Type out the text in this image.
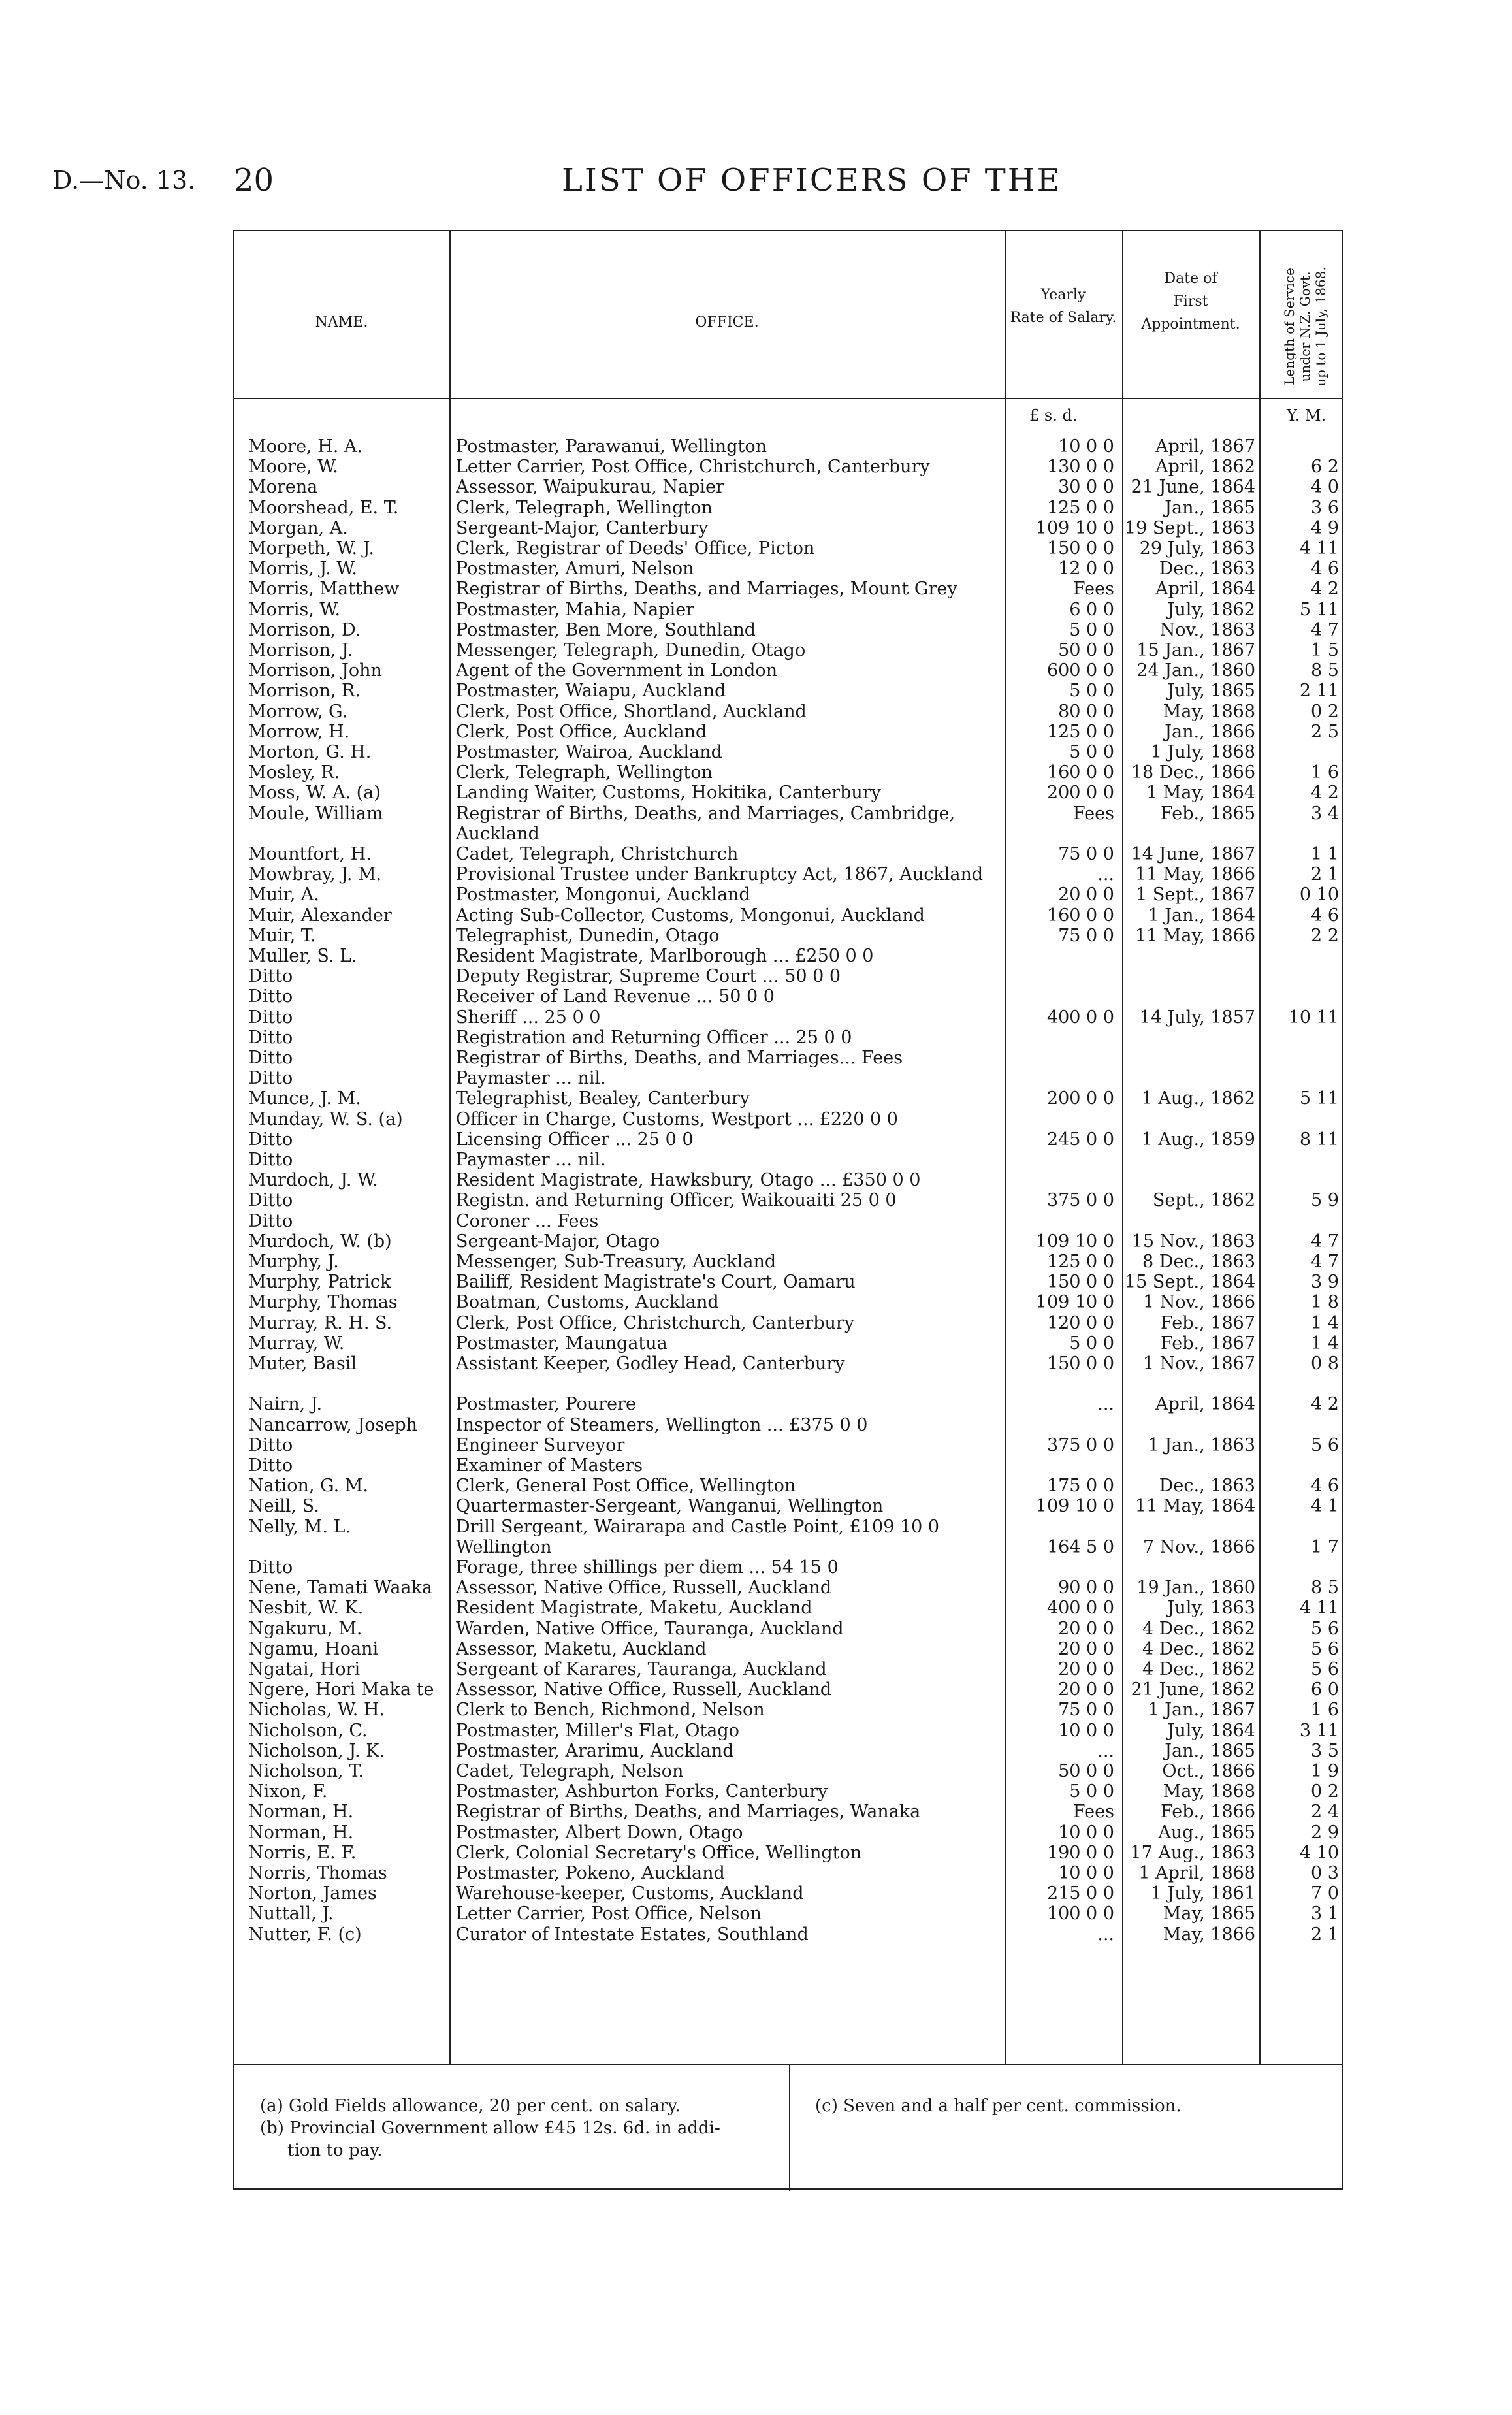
D.—No. 13. 20	LIST OF OFFICERS OF THE
NAME.	OFFICE.
Yearly
Rate of Salary.
Date of
First
Appointment.	Length of Service under N.Z. Govt. up to 1 July, 1868.
£ s. d.	Y. M.
Moore, H. A.	Postmaster, Parawanui, Wellington	10 0 0	April, 1867
Moore, W.	Letter Carrier, Post Office, Christchurch, Canterbury	130 0 0	April, 1862	6 2
Morena	Assessor, Waipukurau, Napier	30 0 0 21 June, 1864	4 0
Moorshead, E. T.	Clerk, Telegraph, Wellington	125 0 0	Jan., 1865	3 6
Morgan, A.	Sergeant-Major, Canterbury	109 10 0 19 Sept., 1863	4 9
Morpeth, W. J.	Clerk, Registrar of Deeds' Office, Picton	150 0 0	29 July, 1863	4 11
Morris, J. W.	Postmaster, Amuri, Nelson	12 0 0	Dec., 1863	4 6
Morris, Matthew	Registrar of Births, Deaths, and Marriages, Mount Grey	Fees	April, 1864	4 2
Morris, W.	Postmaster, Mahia, Napier	6 0 0	July, 1862	5 11
Morrison, D.	Postmaster, Ben More, Southland	5 0 0	Nov., 1863	4 7
Morrison, J.	Messenger, Telegraph, Dunedin, Otago	50 0 0	15 Jan., 1867	1 5
Morrison, John	Agent of the Government in London	600 0 0	24 Jan., 1860	8 5
Morrison, R.	Postmaster, Waiapu, Auckland	5 0 0	July, 1865	2 11
Morrow, G.	Clerk, Post Office, Shortland, Auckland	80 0 0	May, 1868	0 2
Morrow, H.	Clerk, Post Office, Auckland	125 0 0	Jan., 1866	2 5
Morton, G. H.	Postmaster, Wairoa, Auckland	5 0 0	1 July, 1868
Mosley, R.	Clerk, Telegraph, Wellington	160 0 0 18 Dec., 1866	1 6
Moss, W. A. (a)	Landing Waiter, Customs, Hokitika, Canterbury	200 0 0	1 May, 1864	4 2
Moule, William	Registrar of Births, Deaths, and Marriages, Cambridge,	Fees	Feb., 1865	3 4
Auckland
Mountfort, H.	Cadet, Telegraph, Christchurch	75 0 0 14 June, 1867	1 1
Mowbray, J. M.	Provisional Trustee under Bankruptcy Act, 1867, Auckland	...	11 May, 1866	2 1
Muir, A.	Postmaster, Mongonui, Auckland	20 0 0	1 Sept., 1867	0 10
Muir, Alexander	Acting Sub-Collector, Customs, Mongonui, Auckland	160 0 0	1 Jan., 1864	4 6
Muir, T.	Telegraphist, Dunedin, Otago	75 0 0	11 May, 1866	2 2
Muller, S. L.	Resident Magistrate, Marlborough ... £250 0 0
Ditto	Deputy Registrar, Supreme Court ... 50 0 0
Ditto	Receiver of Land Revenue ... 50 0 0
Ditto	Sheriff ... 25 0 0	400 0 0	14 July, 1857	10 11
Ditto	Registration and Returning Officer ... 25 0 0
Ditto	Registrar of Births, Deaths, and Marriages... Fees
Ditto	Paymaster ... nil.
Munce, J. M.	Telegraphist, Bealey, Canterbury	200 0 0	1 Aug., 1862	5 11
Munday, W. S. (a)	Officer in Charge, Customs, Westport ... £220 0 0
Ditto	Licensing Officer ... 25 0 0	245 0 0	1 Aug., 1859	8 11
Ditto	Paymaster ... nil.
Murdoch, J. W.	Resident Magistrate, Hawksbury, Otago ... £350 0 0
Ditto	Registn. and Returning Officer, Waikouaiti 25 0 0	375 0 0	Sept., 1862	5 9
Ditto	Coroner ... Fees
Murdoch, W. (b)	Sergeant-Major, Otago	109 10 0 15 Nov., 1863	4 7
Murphy, J.	Messenger, Sub-Treasury, Auckland	125 0 0	8 Dec., 1863	4 7
Murphy, Patrick	Bailiff, Resident Magistrate's Court, Oamaru	150 0 0 15 Sept., 1864	3 9
Murphy, Thomas	Boatman, Customs, Auckland	109 10 0	1 Nov., 1866	1 8
Murray, R. H. S.	Clerk, Post Office, Christchurch, Canterbury	120 0 0	Feb., 1867	1 4
Murray, W.	Postmaster, Maungatua	5 0 0	Feb., 1867	1 4
Muter, Basil	Assistant Keeper, Godley Head, Canterbury	150 0 0	1 Nov., 1867	0 8
Nairn, J.	Postmaster, Pourere	...	April, 1864	4 2
Nancarrow, Joseph	Inspector of Steamers, Wellington ... £375 0 0
Ditto	Engineer Surveyor	375 0 0	1 Jan., 1863	5 6
Ditto	Examiner of Masters
Nation, G. M.	Clerk, General Post Office, Wellington	175 0 0	Dec., 1863	4 6
Neill, S.	Quartermaster-Sergeant, Wanganui, Wellington	109 10 0	11 May, 1864	4 1
Nelly, M. L.	Drill Sergeant, Wairarapa and Castle Point, £109 10 0
Wellington	164 5 0	7 Nov., 1866	1 7
Ditto	Forage, three shillings per diem ... 54 15 0
Nene, Tamati Waaka	Assessor, Native Office, Russell, Auckland	90 0 0	19 Jan., 1860	8 5
Nesbit, W. K.	Resident Magistrate, Maketu, Auckland	400 0 0	July, 1863	4 11
Ngakuru, M.	Warden, Native Office, Tauranga, Auckland	20 0 0	4 Dec., 1862	5 6
Ngamu, Hoani	Assessor, Maketu, Auckland	20 0 0	4 Dec., 1862	5 6
Ngatai, Hori	Sergeant of Karares, Tauranga, Auckland	20 0 0	4 Dec., 1862	5 6
Ngere, Hori Maka te	Assessor, Native Office, Russell, Auckland	20 0 0 21 June, 1862	6 0
Nicholas, W. H.	Clerk to Bench, Richmond, Nelson	75 0 0	1 Jan., 1867	1 6
Nicholson, C.	Postmaster, Miller's Flat, Otago	10 0 0	July, 1864	3 11
Nicholson, J. K.	Postmaster, Ararimu, Auckland	...	Jan., 1865	3 5
Nicholson, T.	Cadet, Telegraph, Nelson	50 0 0	Oct., 1866	1 9
Nixon, F.	Postmaster, Ashburton Forks, Canterbury	5 0 0	May, 1868	0 2
Norman, H.	Registrar of Births, Deaths, and Marriages, Wanaka	Fees	Feb., 1866	2 4
Norman, H.	Postmaster, Albert Down, Otago	10 0 0	Aug., 1865	2 9
Norris, E. F.	Clerk, Colonial Secretary's Office, Wellington	190 0 0 17 Aug., 1863	4 10
Norris, Thomas	Postmaster, Pokeno, Auckland	10 0 0	1 April, 1868	0 3
Norton, James	Warehouse-keeper, Customs, Auckland	215 0 0	1 July, 1861	7 0
Nuttall, J.	Letter Carrier, Post Office, Nelson	100 0 0	May, 1865	3 1
Nutter, F. (c)	Curator of Intestate Estates, Southland	...	May, 1866	2 1
(a) Gold Fields allowance, 20 per cent. on salary.
(b) Provincial Government allow £45 12s. 6d. in addi-
tion to pay.
(c) Seven and a half per cent. commission.
